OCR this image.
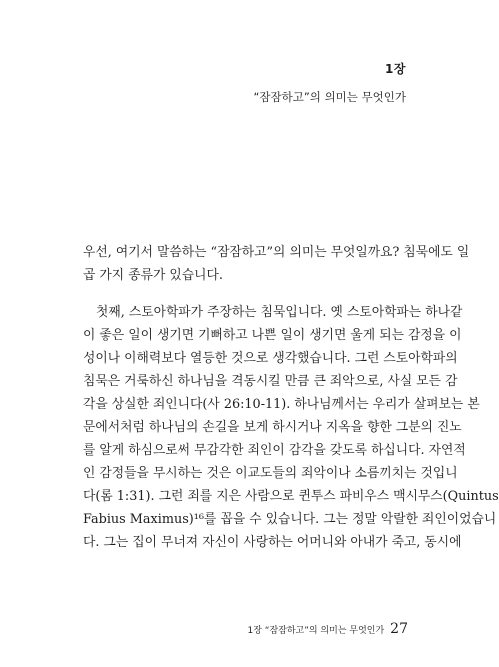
1장
“잠잠하고”의 의미는 무엇인가
우선, 여기서 말씀하는 “잠잠하고”의 의미는 무엇일까요? 침묵에도 일
곱 가지 종류가 있습니다.
첫째, 스토아학파가 주장하는 침묵입니다. 옛 스토아학파는 하나같
이 좋은 일이 생기면 기뻐하고 나쁜 일이 생기면 울게 되는 감정을 이
성이나 이해력보다 열등한 것으로 생각했습니다. 그런 스토아학파의
침묵은 거룩하신 하나님을 격동시킬 만큼 큰 죄악으로, 사실 모든 감
각을 상실한 죄인니다(사 26:10-11). 하나님께서는 우리가 살펴보는 본
문에서처럼 하나님의 손길을 보게 하시거나 지옥을 향한 그분의 진노
를 알게 하심으로써 무감각한 죄인이 감각을 갖도록 하십니다. 자연적
인 감정들을 무시하는 것은 이교도들의 죄악이나 소름끼치는 것입니
다(롬 1:31). 그런 죄를 지은 사람으로 퀸투스 파비우스 맥시무스(Quintus
Fabius Maximus)¹⁶를 꼽을 수 있습니다. 그는 정말 악랄한 죄인이었습니
다. 그는 집이 무너져 자신이 사랑하는 어머니와 아내가 죽고, 동시에
1장 “잠잠하고”의 의미는 무엇인가 27
